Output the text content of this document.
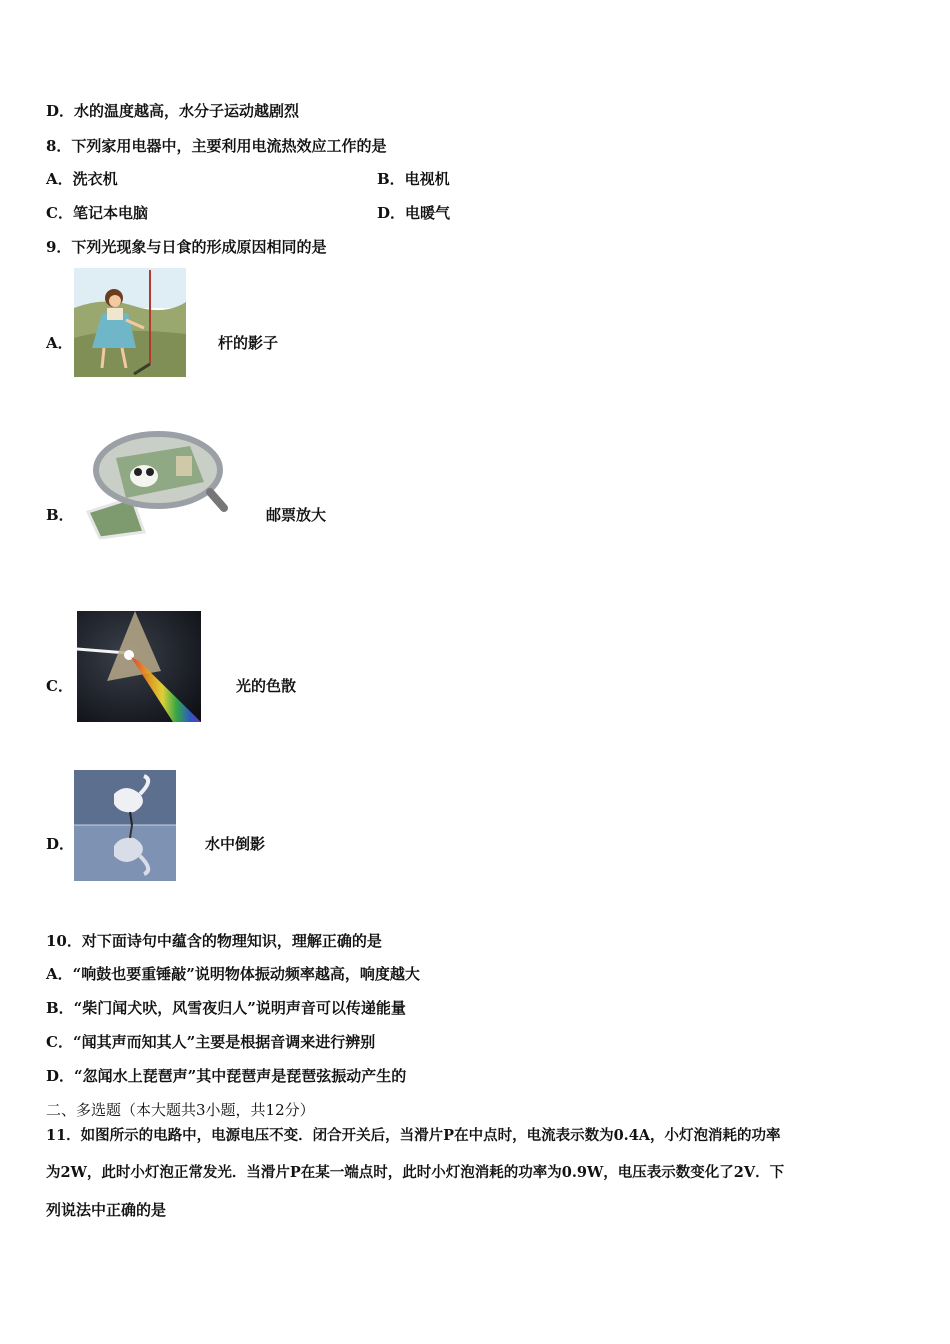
D．水的温度越高，水分子运动越剧烈
8．下列家用电器中，主要利用电流热效应工作的是
A．洗衣机	B．电视机
C．笔记本电脑	D．电暖气
9．下列光现象与日食的形成原因相同的是
A．	杆的影子
B．	邮票放大
C．	光的色散
D．	水中倒影
10．对下面诗句中蕴含的物理知识，理解正确的是
A．“响鼓也要重锤敲”说明物体振动频率越高，响度越大
B．“柴门闻犬吠，风雪夜归人”说明声音可以传递能量
C．“闻其声而知其人”主要是根据音调来进行辨别
D．“忽闻水上琵琶声”其中琵琶声是琵琶弦振动产生的
二、多选题（本大题共3小题，共12分）
11．如图所示的电路中，电源电压不变．闭合开关后，当滑片P在中点时，电流表示数为0.4A，小灯泡消耗的功率
为2W，此时小灯泡正常发光．当滑片P在某一端点时，此时小灯泡消耗的功率为0.9W，电压表示数变化了2V．下
列说法中正确的是
